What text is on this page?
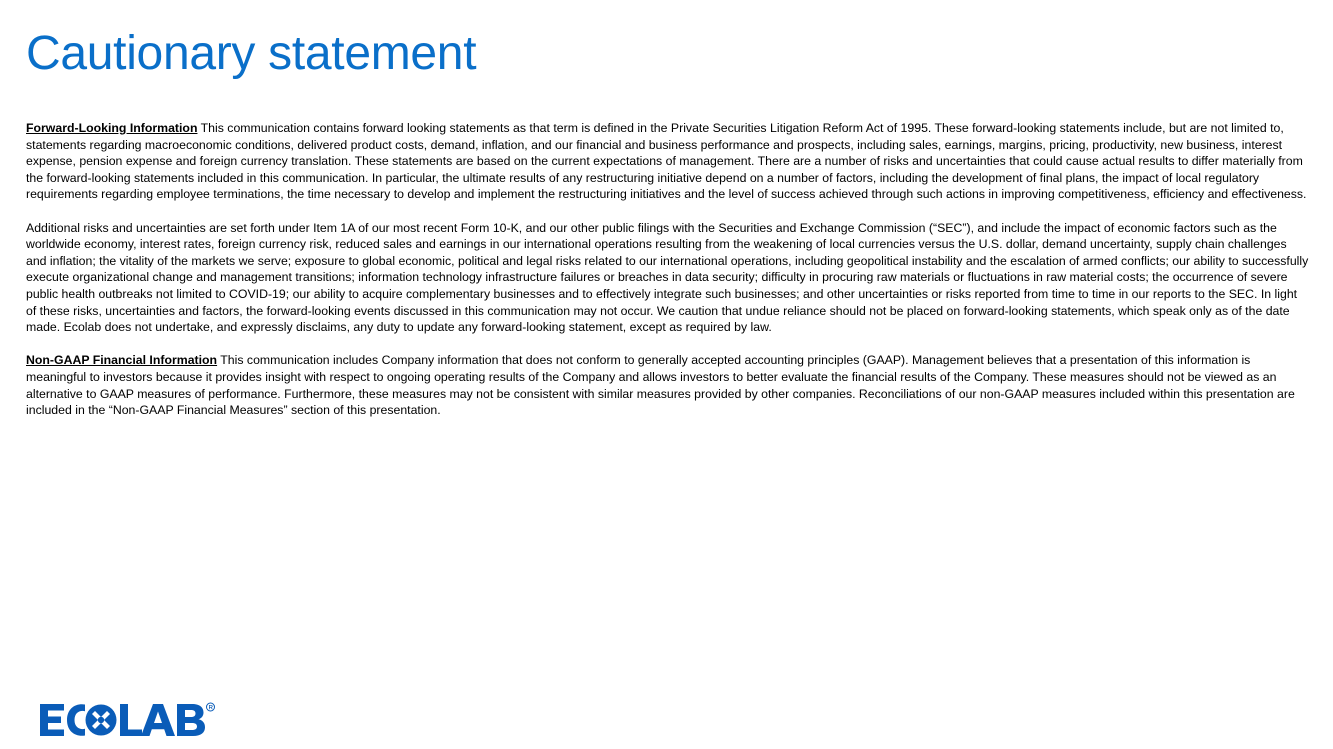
Cautionary statement

Forward-Looking Information This communication contains forward looking statements as that term is defined in the Private Securities Litigation Reform Act of 1995. These forward-looking statements include, but are not limited to, statements regarding macroeconomic conditions, delivered product costs, demand, inflation, and our financial and business performance and prospects, including sales, earnings, margins, pricing, productivity, new business, interest expense, pension expense and foreign currency translation. These statements are based on the current expectations of management. There are a number of risks and uncertainties that could cause actual results to differ materially from the forward-looking statements included in this communication. In particular, the ultimate results of any restructuring initiative depend on a number of factors, including the development of final plans, the impact of local regulatory requirements regarding employee terminations, the time necessary to develop and implement the restructuring initiatives and the level of success achieved through such actions in improving competitiveness, efficiency and effectiveness.

Additional risks and uncertainties are set forth under Item 1A of our most recent Form 10-K, and our other public filings with the Securities and Exchange Commission (“SEC”), and include the impact of economic factors such as the worldwide economy, interest rates, foreign currency risk, reduced sales and earnings in our international operations resulting from the weakening of local currencies versus the U.S. dollar, demand uncertainty, supply chain challenges and inflation; the vitality of the markets we serve; exposure to global economic, political and legal risks related to our international operations, including geopolitical instability and the escalation of armed conflicts; our ability to successfully execute organizational change and management transitions; information technology infrastructure failures or breaches in data security; difficulty in procuring raw materials or fluctuations in raw material costs; the occurrence of severe public health outbreaks not limited to COVID-19; our ability to acquire complementary businesses and to effectively integrate such businesses; and other uncertainties or risks reported from time to time in our reports to the SEC. In light of these risks, uncertainties and factors, the forward-looking events discussed in this communication may not occur. We caution that undue reliance should not be placed on forward-looking statements, which speak only as of the date made. Ecolab does not undertake, and expressly disclaims, any duty to update any forward-looking statement, except as required by law.

Non-GAAP Financial Information This communication includes Company information that does not conform to generally accepted accounting principles (GAAP). Management believes that a presentation of this information is meaningful to investors because it provides insight with respect to ongoing operating results of the Company and allows investors to better evaluate the financial results of the Company. These measures should not be viewed as an alternative to GAAP measures of performance. Furthermore, these measures may not be consistent with similar measures provided by other companies. Reconciliations of our non-GAAP measures included within this presentation are included in the “Non-GAAP Financial Measures” section of this presentation.
